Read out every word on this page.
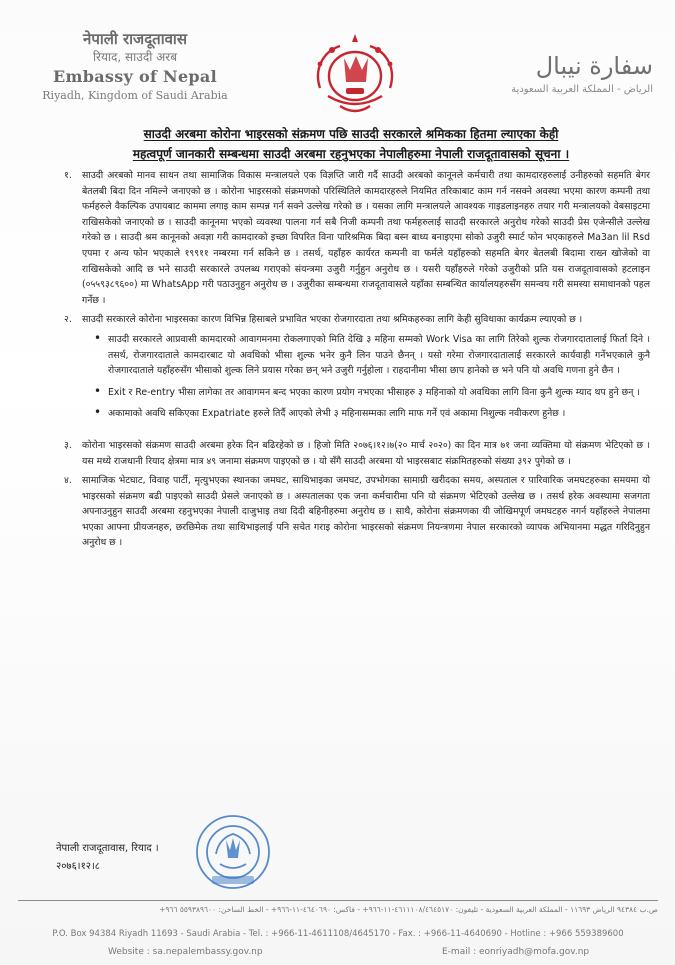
नेपाली राजदूतावास
रियाद, साउदी अरब
Embassy of Nepal
Riyadh, Kingdom of Saudi Arabia
سفارة نيبال
الرياض - المملكة العربية السعودية
साउदी अरबमा कोरोना भाइरसको संक्रमण पछि साउदी सरकारले श्रमिकका हितमा ल्याएका केही
महत्वपूर्ण जानकारी सम्बन्धमा साउदी अरबमा रहनुभएका नेपालीहरुमा नेपाली राजदूतावासको सूचना ।
१. साउदी अरबको मानव साधन तथा सामाजिक विकास मन्त्रालयले एक विज्ञप्ति जारी गर्दै साउदी अरबको कानूनले कर्मचारी तथा कामदारहरुलाई उनीहरुको सहमति बेगर बेतलबी बिदा दिन नमिल्ने जनाएको छ । कोरोना भाइरसको संक्रमणको परिस्थितिले कामदारहरुले नियमित तरिकाबाट काम गर्न नसक्ने अवस्था भएमा कारण कम्पनी तथा फर्महरुले वैकल्पिक उपायबाट काममा लगाइ काम सम्पन्न गर्न सक्ने उल्लेख गरेको छ । यसका लागि मन्त्रालयले आवश्यक गाइडलाइनहरु तयार गरी मन्त्रालयको वेबसाइटमा राखिसकेको जनाएको छ । साउदी कानूनमा भएको व्यवस्था पालना गर्न सबै निजी कम्पनी तथा फर्महरुलाई साउदी सरकारले अनुरोध गरेको साउदी प्रेस एजेन्सीले उल्लेख गरेको छ । साउदी श्रम कानूनको अवज्ञा गरी कामदारको इच्छा विपरित विना पारिश्रमिक बिदा बस्न बाध्य बनाइएमा सोको उजुरी स्मार्ट फोन भएकाहरुले Ma3an lil Rsd एपमा र अन्य फोन भएकाले १९९११ नम्बरमा गर्न सकिने छ । तसर्थ, यहाँहरु कार्यरत कम्पनी वा फर्मले यहाँहरुको सहमति बेगर बेतलबी बिदामा राख्न खोजेको वा राखिसकेको आदि छ भने साउदी सरकारले उपलब्ध गराएको संयन्त्रमा उजुरी गर्नुहुन अनुरोध छ । यसरी यहाँहरुले गरेको उजुरीको प्रति यस राजदूतावासको हटलाइन (०५५९३८९६००) मा WhatsApp गरी पठाउनुहुन अनुरोध छ । उजुरीका सम्बन्धमा राजदूतावासले यहाँका सम्बन्धित कार्यालयहरुसँग समन्वय गरी समस्या समाधानको पहल गर्नेछ ।
२. साउदी सरकारले कोरोना भाइरसका कारण विभिन्न हिसाबले प्रभावित भएका रोजगारदाता तथा श्रमिकहरुका लागि केही सुविधाका कार्यक्रम ल्याएको छ ।
• साउदी सरकारले आप्रवासी कामदारको आवागमनमा रोकलगाएको मिति देखि ३ महिना सम्मको Work Visa का लागि तिरेको शुल्क रोजगारदातालाई फिर्ता दिने । तसर्थ, रोजगारदाताले कामदारबाट यो अवधिको भीसा शुल्क भनेर कुनै लिन पाउने छैनन् । यसो गरेमा रोजगारदातालाई सरकारले कार्यवाही गर्नेभएकाले कुनै रोजगारदाताले यहाँहरुसँग भीसाको शुल्क लिने प्रयास गरेका छन् भने उजुरी गर्नुहोला । राहदानीमा भीसा छाप हानेको छ भने पनि यो अवधि गणना हुने छैन ।
• Exit र Re-entry भीसा लागेका तर आवागमन बन्द भएका कारण प्रयोग नभएका भीसाहरु ३ महिनाको यो अवधिका लागि विना कुनै शुल्क म्याद थप हुने छन् ।
• अकामाको अवधि सकिएका Expatriate हरुले तिर्दै आएको लेभी ३ महिनासम्मका लागि माफ गर्ने एवं अकामा निशुल्क नवीकरण हुनेछ ।
३. कोरोना भाइरसको संक्रमण साउदी अरबमा हरेक दिन बढिरहेको छ । हिजो मिति २०७६।१२।७(२० मार्च २०२०) का दिन मात्र ७१ जना व्यक्तिमा यो संक्रमण भेटिएको छ । यस मध्ये राजधानी रियाद क्षेत्रमा मात्र ४९ जनामा संक्रमण पाइएको छ । यो सँगै साउदी अरबमा यो भाइरसबाट संक्रमितहरुको संख्या ३९२ पुगेको छ ।
४. सामाजिक भेटघाट, विवाह पार्टी, मृत्युभएका स्थानका जमघट, साथिभाइका जमघट, उपभोगका सामाग्री खरीदका समय, अस्पताल र पारिवारिक जमघटहरुका समयमा यो भाइरसको संक्रमण बढी पाइएको साउदी प्रेसले जनाएको छ । अस्पतालका एक जना कर्मचारीमा पनि यो संक्रमण भेटिएको उल्लेख छ । तसर्थ हरेक अवस्थामा सजगता अपनाउनुहुन साउदी अरबमा रहनुभएका नेपाली दाजुभाइ तथा दिदी बहिनीहरुमा अनुरोध छ । साथै, कोरोना संक्रमणका यी जोखिमपूर्ण जमघटहरु नगर्न यहाँहरुले नेपालमा भएका आफ्ना प्रीयजनहरु, छरछिमेक तथा साथिभाइलाई पनि सचेत गराइ कोरोना भाइरसको संक्रमण नियन्त्रणमा नेपाल सरकारको व्यापक अभियानमा मद्धत गरिदिनुहुन अनुरोध छ ।
नेपाली राजदूतावास, रियाद ।
२०७६।१२।८
ص.ب ٩٤٣٨٤ الرياض ١١٦٩٣ - المملكة العربية السعودية - تليفون: ٤٦١١١٠٨/٤٦٤٥١٧٠-١١-٩٦٦+ - فاكس: ٤٦٤٠٦٩٠-١١-٩٦٦+ - الخط الساخن: ٥٥٩٣٨٩٦٠٠ ٩٦٦+
P.O. Box 94384 Riyadh 11693 - Saudi Arabia - Tel. : +966-11-4611108/4645170 - Fax. : +966-11-4640690 - Hotline : +966 559389600
Website : sa.nepalembassy.gov.np	E-mail : eonriyadh@mofa.gov.np
